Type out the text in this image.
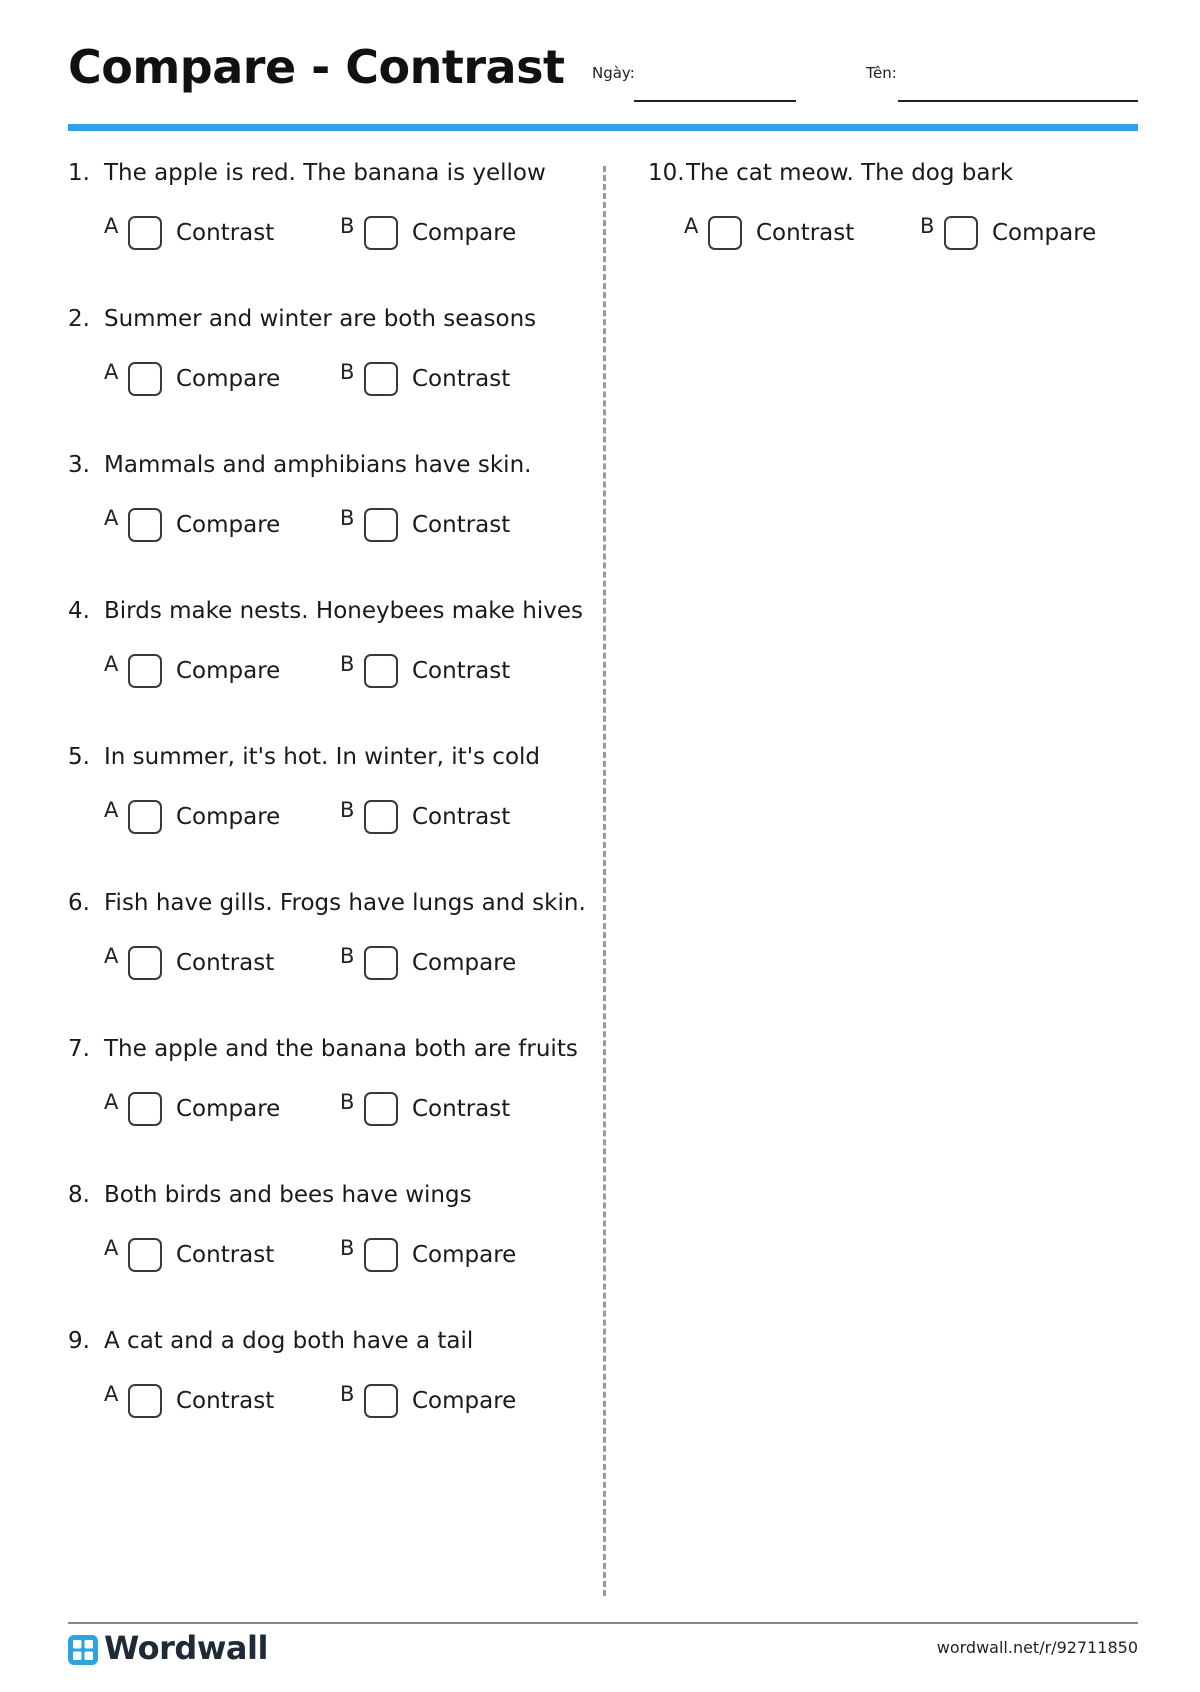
Compare - Contrast Ngày:	Tên:
1. The apple is red. The banana is yellow
A	Contrast	B	Compare
2. Summer and winter are both seasons
A	Compare	B	Contrast
3. Mammals and amphibians have skin.
A	Compare	B	Contrast
4. Birds make nests. Honeybees make hives
A	Compare	B	Contrast
5. In summer, it's hot. In winter, it's cold
A	Compare	B	Contrast
6. Fish have gills. Frogs have lungs and skin.
A	Contrast	B	Compare
7. The apple and the banana both are fruits
A	Compare	B	Contrast
8. Both birds and bees have wings
A	Contrast	B	Compare
9. A cat and a dog both have a tail
A	Contrast	B	Compare
10.The cat meow. The dog bark
A	Contrast	B	Compare
Wordwall	wordwall.net/r/92711850
